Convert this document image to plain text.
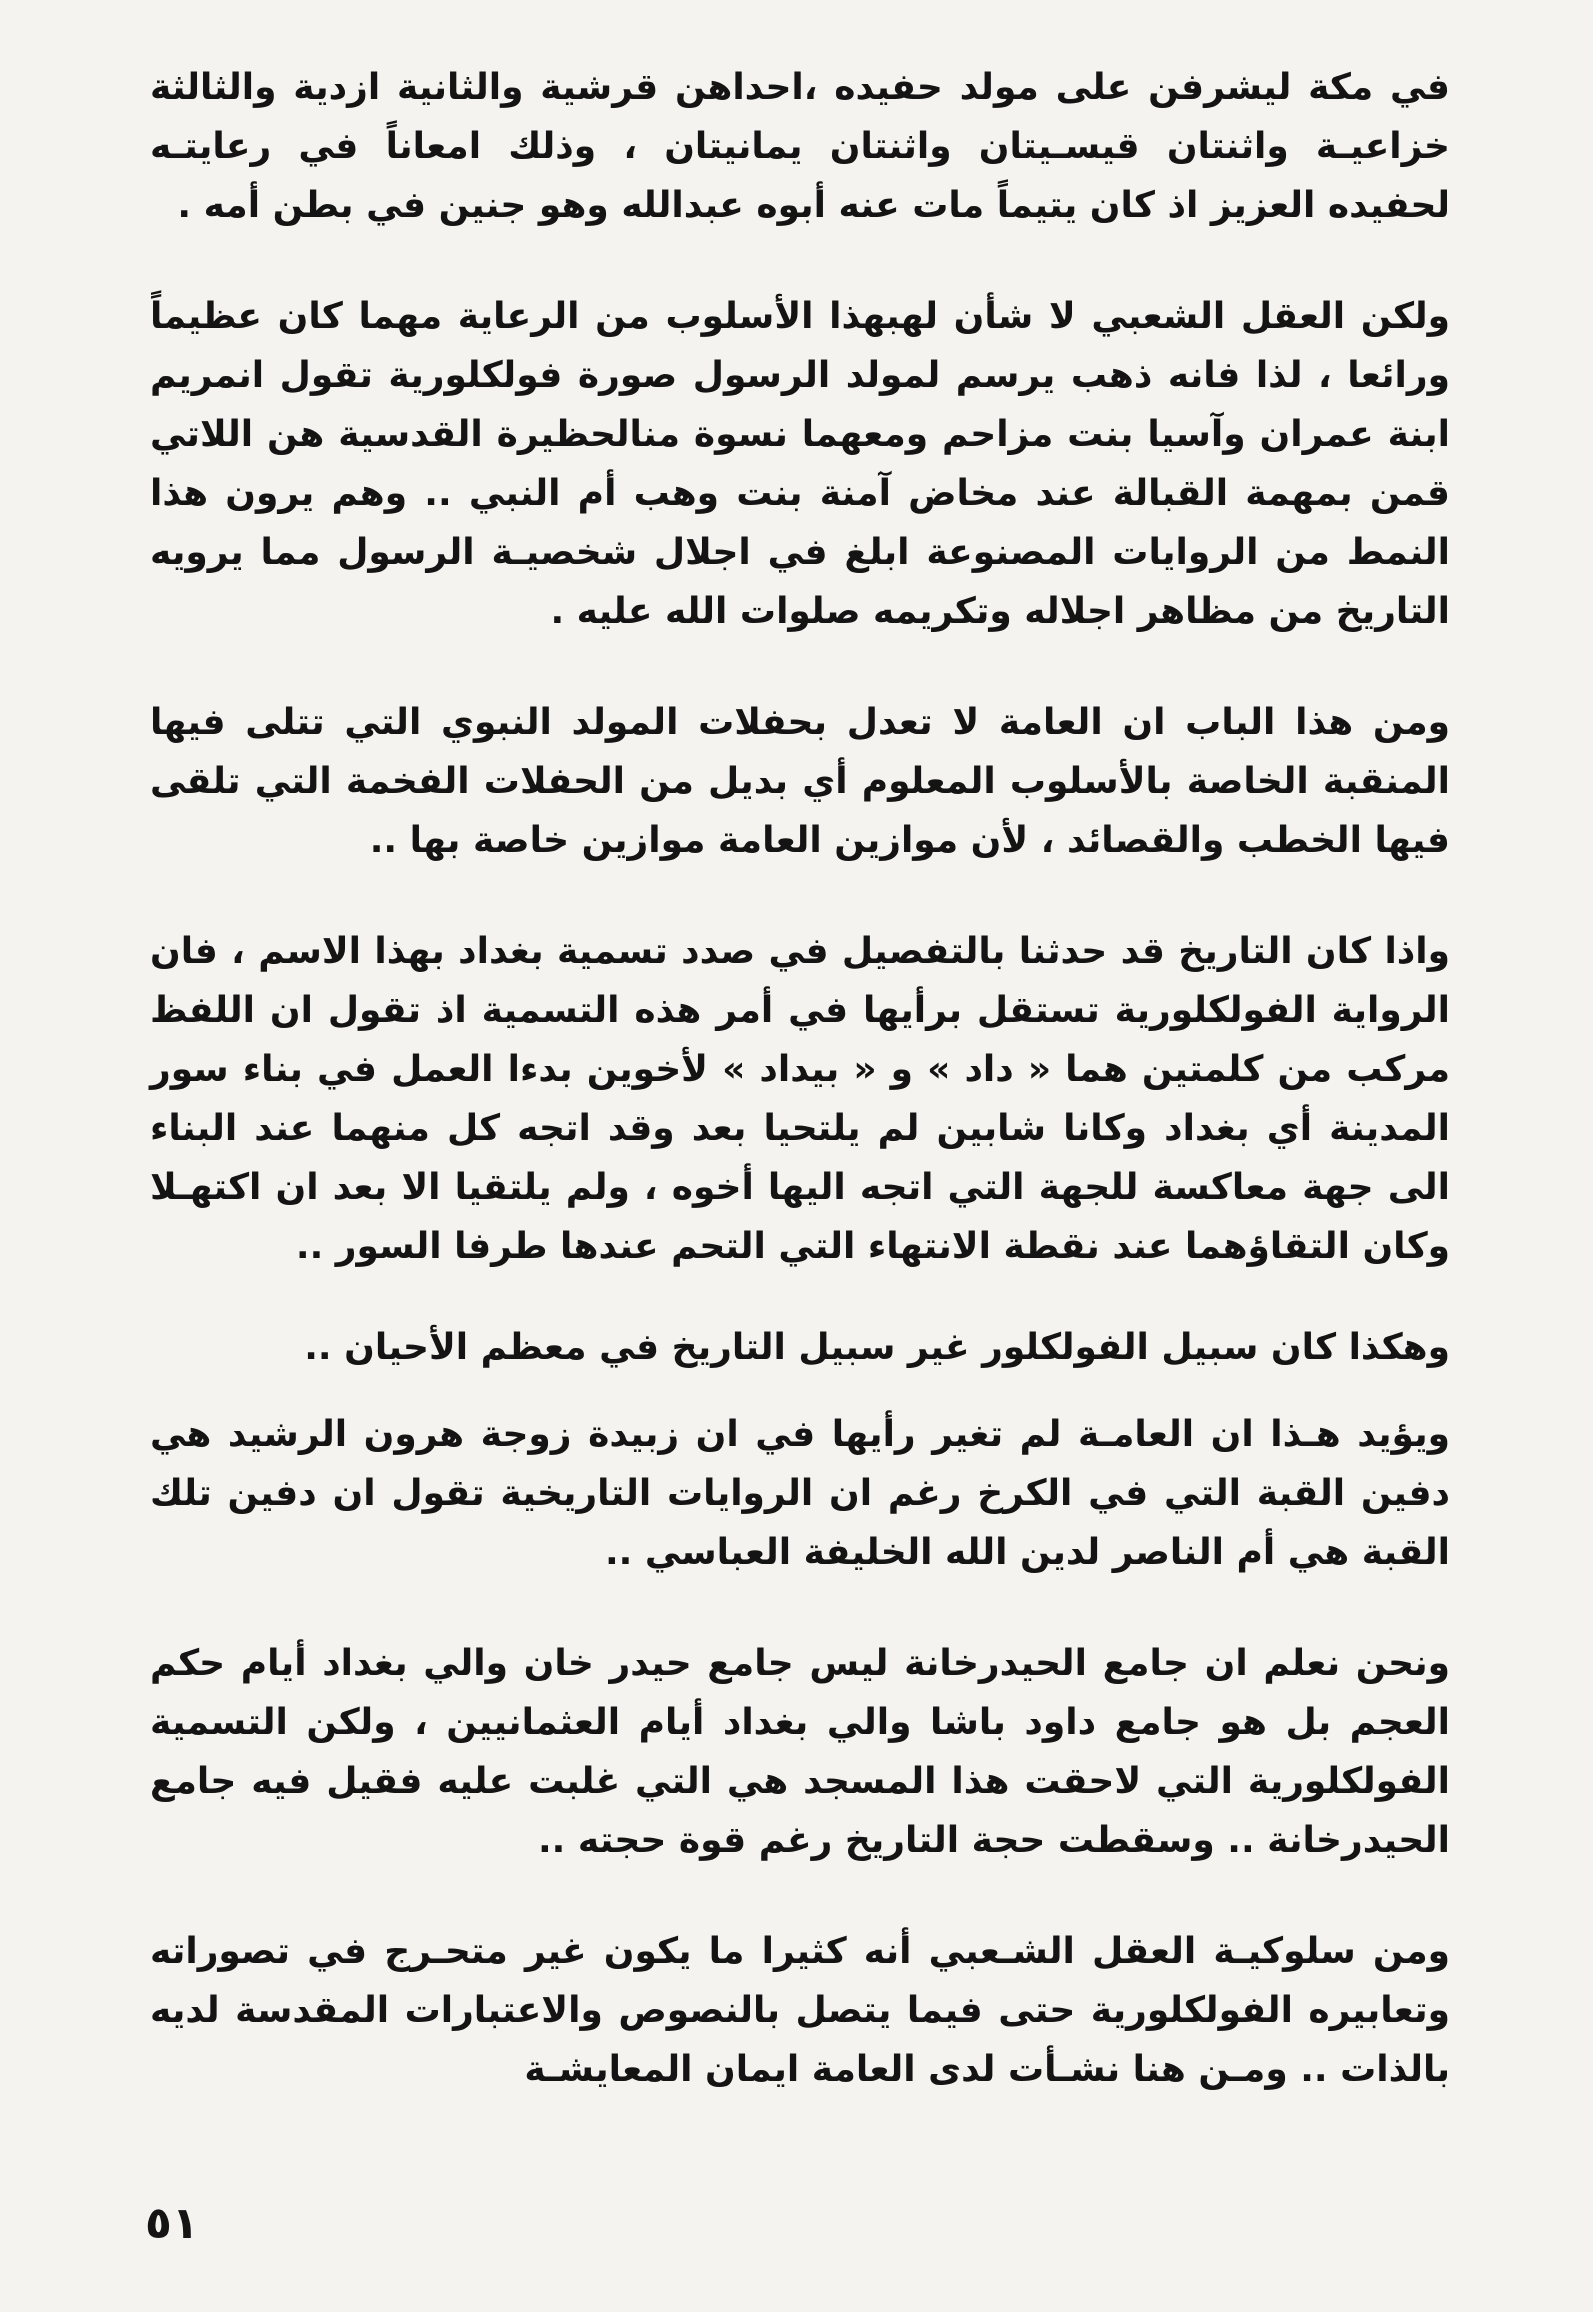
في مكة ليشرفن على مولد حفيده ،احداهن قرشية والثانية ازدية والثالثة خزاعيـة واثنتان قيسـيتان واثنتان يمانيتان ، وذلك امعاناً في رعايتـه لحفيده العزيز اذ كان يتيماً مات عنه أبوه عبدالله وهو جنين في بطن أمه .

ولكن العقل الشعبي لا شأن لهبهذا الأسلوب من الرعاية مهما كان عظيماً ورائعا ، لذا فانه ذهب يرسم لمولد الرسول صورة فولكلورية تقول انمريم ابنة عمران وآسيا بنت مزاحم ومعهما نسوة منالحظيرة القدسية هن اللاتي قمن بمهمة القبالة عند مخاض آمنة بنت وهب أم النبي .. وهم يرون هذا النمط من الروايات المصنوعة ابلغ في اجلال شخصيـة الرسول مما يرويه التاريخ من مظاهر اجلاله وتكريمه صلوات الله عليه .

ومن هذا الباب ان العامة لا تعدل بحفلات المولد النبوي التي تتلى فيها المنقبة الخاصة بالأسلوب المعلوم أي بديل من الحفلات الفخمة التي تلقى فيها الخطب والقصائد ، لأن موازين العامة موازين خاصة بها ..

واذا كان التاريخ قد حدثنا بالتفصيل في صدد تسمية بغداد بهذا الاسم ، فان الرواية الفولكلورية تستقل برأيها في أمر هذه التسمية اذ تقول ان اللفظ مركب من كلمتين هما « داد » و « بيداد » لأخوين بدءا العمل في بناء سور المدينة أي بغداد وكانا شابين لم يلتحيا بعد وقد اتجه كل منهما عند البناء الى جهة معاكسة للجهة التي اتجه اليها أخوه ، ولم يلتقيا الا بعد ان اكتهـلا وكان التقاؤهما عند نقطة الانتهاء التي التحم عندها طرفا السور ..

وهكذا كان سبيل الفولكلور غير سبيل التاريخ في معظم الأحيان ..

ويؤيد هـذا ان العامـة لم تغير رأيها في ان زبيدة زوجة هرون الرشيد هي دفين القبة التي في الكرخ رغم ان الروايات التاريخية تقول ان دفين تلك القبة هي أم الناصر لدين الله الخليفة العباسي ..

ونحن نعلم ان جامع الحيدرخانة ليس جامع حيدر خان والي بغداد أيام حكم العجم بل هو جامع داود باشا والي بغداد أيام العثمانيين ، ولكن التسمية الفولكلورية التي لاحقت هذا المسجد هي التي غلبت عليه فقيل فيه جامع الحيدرخانة .. وسقطت حجة التاريخ رغم قوة حجته ..

ومن سلوكيـة العقل الشـعبي أنه كثيرا ما يكون غير متحـرج في تصوراته وتعابيره الفولكلورية حتى فيما يتصل بالنصوص والاعتبارات المقدسة لديه بالذات .. ومـن هنا نشـأت لدى العامة ايمان المعايشـة

٥١
